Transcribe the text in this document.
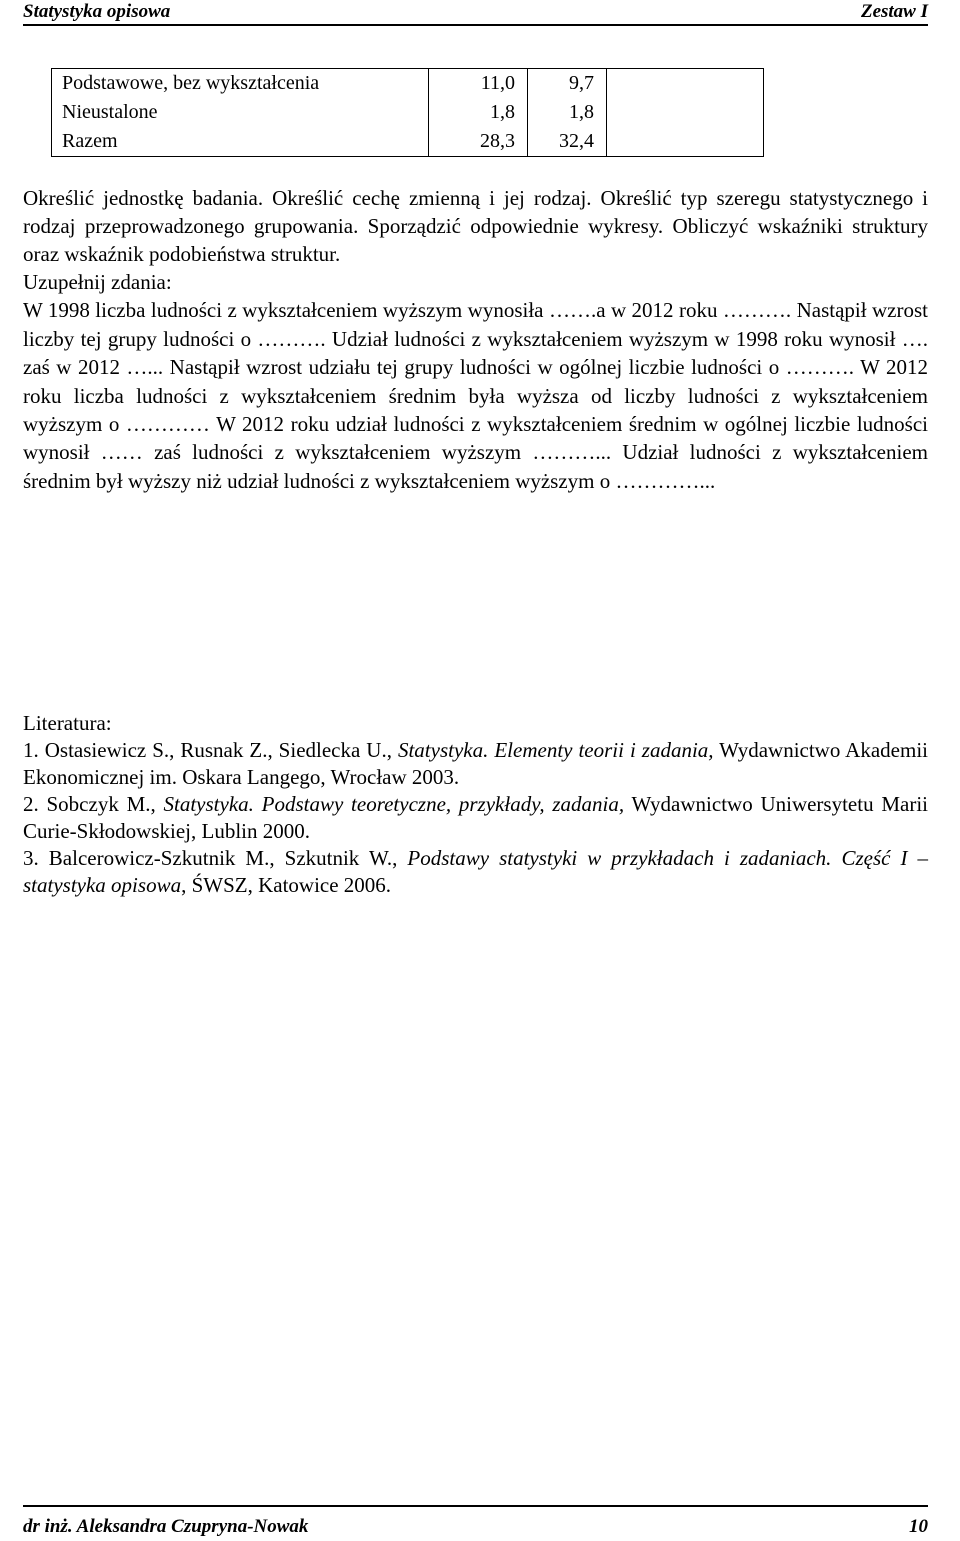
Statystyka opisowa	Zestaw I
Podstawowe, bez wykształcenia	11,0	9,7	
Nieustalone	1,8	1,8	
Razem	28,3	32,4	

Określić jednostkę badania. Określić cechę zmienną i jej rodzaj. Określić typ szeregu statystycznego i rodzaj przeprowadzonego grupowania. Sporządzić odpowiednie wykresy. Obliczyć wskaźniki struktury oraz wskaźnik podobieństwa struktur.

Uzupełnij zdania:

W 1998 liczba ludności z wykształceniem wyższym wynosiła …….a w 2012 roku ………. Nastąpił wzrost liczby tej grupy ludności o ………. Udział ludności z wykształceniem wyższym w 1998 roku wynosił …. zaś w 2012 …... Nastąpił wzrost udziału tej grupy ludności w ogólnej liczbie ludności o ………. W 2012 roku liczba ludności z wykształceniem średnim była wyższa od liczby ludności z wykształceniem wyższym o ………… W 2012 roku udział ludności z wykształceniem średnim w ogólnej liczbie ludności wynosił …… zaś ludności z wykształceniem wyższym ………... Udział ludności z wykształceniem średnim był wyższy niż udział ludności z wykształceniem wyższym o …………...

Literatura:

1. Ostasiewicz S., Rusnak Z., Siedlecka U., Statystyka. Elementy teorii i zadania, Wydawnictwo Akademii Ekonomicznej im. Oskara Langego, Wrocław 2003.

2. Sobczyk M., Statystyka. Podstawy teoretyczne, przykłady, zadania, Wydawnictwo Uniwersytetu Marii Curie-Skłodowskiej, Lublin 2000.

3. Balcerowicz-Szkutnik M., Szkutnik W., Podstawy statystyki w przykładach i zadaniach. Część I – statystyka opisowa, ŚWSZ, Katowice 2006.

dr inż. Aleksandra Czupryna-Nowak	10
